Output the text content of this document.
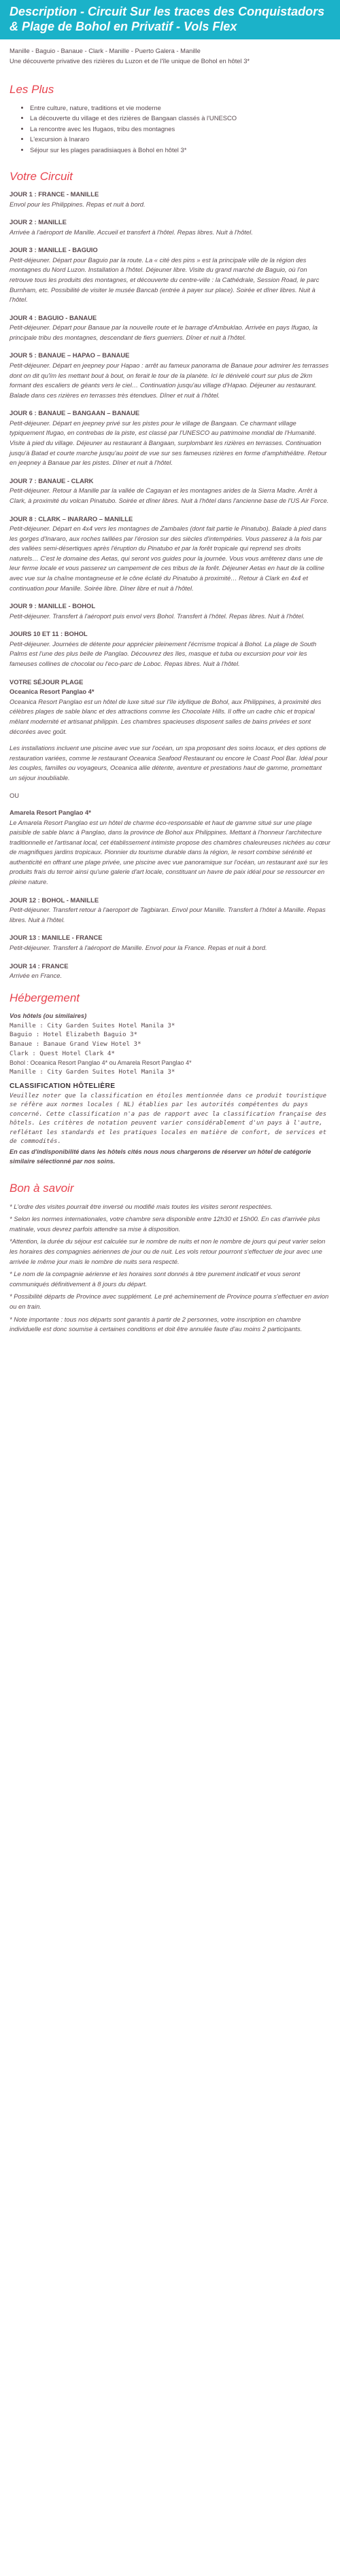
Description - Circuit Sur les traces des Conquistadors & Plage de Bohol en Privatif - Vols Flex

Manille - Baguio - Banaue - Clark - Manille - Puerto Galera - Manille

Une découverte privative des rizières du Luzon et de l'île unique de Bohol en hôtel 3*

Les Plus
• Entre culture, nature, traditions et vie moderne
• La découverte du village et des rizières de Bangaan classés à l'UNESCO
• La rencontre avec les Ifugaos, tribu des montagnes
• L'excursion à Inararo
• Séjour sur les plages paradisiaques à Bohol en hôtel 3*
Votre Circuit
JOUR 1 : FRANCE - MANILLE
Envol pour les Philippines. Repas et nuit à bord.
JOUR 2 : MANILLE
Arrivée à l'aéroport de Manille. Accueil et transfert à l'hôtel. Repas libres. Nuit à l'hôtel.
JOUR 3 : MANILLE - BAGUIO
Petit-déjeuner. Départ pour Baguio par la route. La « cité des pins » est la principale ville de la région des montagnes du Nord Luzon. Installation à l'hôtel. Déjeuner libre. Visite du grand marché de Baguio, où l'on retrouve tous les produits des montagnes, et découverte du centre-ville : la Cathédrale, Session Road, le parc Burnham, etc. Possibilité de visiter le musée Bancab (entrée à payer sur place). Soirée et dîner libres. Nuit à l'hôtel.
JOUR 4 : BAGUIO - BANAUE
Petit-déjeuner. Départ pour Banaue par la nouvelle route et le barrage d'Ambuklao. Arrivée en pays Ifugao, la principale tribu des montagnes, descendant de fiers guerriers. Dîner et nuit à l'hôtel.
JOUR 5 : BANAUE – HAPAO – BANAUE
Petit-déjeuner. Départ en jeepney pour Hapao : arrêt au fameux panorama de Banaue pour admirer les terrasses dont on dit qu'ïm les mettant bout à bout, on ferait le tour de la planète. Ici le dénivelé court sur plus de 2km formant des escaliers de géants vers le ciel… Continuation jusqu'au village d'Hapao. Déjeuner au restaurant. Balade dans ces rizières en terrasses très étendues. Dîner et nuit à l'hôtel.
JOUR 6 : BANAUE – BANGAAN – BANAUE
Petit-déjeuner. Départ en jeepney privé sur les pistes pour le village de Bangaan. Ce charmant village typiquement Ifugao, en contrebas de la piste, est classé par l'UNESCO au patrimoine mondial de l'Humanité. Visite à pied du village. Déjeuner au restaurant à Bangaan, surplombant les rizières en terrasses. Continuation jusqu'à Batad et courte marche jusqu'au point de vue sur ses fameuses rizières en forme d'amphithéâtre. Retour en jeepney à Banaue par les pistes. Dîner et nuit à l'hôtel.
JOUR 7 : BANAUE - CLARK
Petit-déjeuner. Retour à Manille par la vallée de Cagayan et les montagnes arides de la Sierra Madre. Arrêt à Clark, à proximité du volcan Pinatubo. Soirée et dîner libres. Nuit à l'hôtel dans l'ancienne base de l'US Air Force.
JOUR 8 : CLARK – INARARO – MANILLE
Petit-déjeuner. Départ en 4x4 vers les montagnes de Zambales (dont fait partie le Pinatubo). Balade à pied dans les gorges d'Inararo, aux roches taillées par l'érosion sur des siècles d'intempéries. Vous passerez à la fois par des vallées semi-désertiques après l'éruption du Pinatubo et par la forêt tropicale qui reprend ses droits naturels… C'est le domaine des Aetas, qui seront vos guides pour la journée. Vous vous arrêterez dans une de leur ferme locale et vous passerez un campement de ces tribus de la forêt. Déjeuner Aetas en haut de la colline avec vue sur la chaîne montagneuse et le cône éclaté du Pinatubo à proximité… Retour à Clark en 4x4 et continuation pour Manille. Soirée libre. Dîner libre et nuit à l'hôtel.
JOUR 9 : MANILLE - BOHOL
Petit-déjeuner. Transfert à l'aéroport puis envol vers Bohol. Transfert à l'hôtel. Repas libres. Nuit à l'hôtel.
JOURS 10 ET 11 : BOHOL
Petit-déjeuner. Journées de détente pour apprécier pleinement l'écrrisme tropical à Bohol. La plage de South Palms est l'une des plus belle de Panglao. Découvrez des îles, masque et tuba ou excursion pour voir les fameuses collines de chocolat ou l'eco-parc de Loboc. Repas libres. Nuit à l'hôtel.

VOTRE SÉJOUR PLAGE

Oceanica Resort Panglao 4*

Oceanica Resort Panglao est un hôtel de luxe situé sur l'île idyllique de Bohol, aux Philippines, à proximité des célèbres plages de sable blanc et des attractions comme les Chocolate Hills. Il offre un cadre chic et tropical mêlant modernité et artisanat philippin. Les chambres spacieuses disposent salles de bains privées et sont décorées avec goût.

Les installations incluent une piscine avec vue sur l'océan, un spa proposant des soins locaux, et des options de restauration variées, comme le restaurant Oceanica Seafood Restaurant ou encore le Coast Pool Bar. Idéal pour les couples, familles ou voyageurs, Oceanica allie détente, aventure et prestations haut de gamme, promettant un séjour inoubliable.

OU

Amarela Resort Panglao 4*

Le Amarela Resort Panglao est un hôtel de charme éco-responsable et haut de gamme situé sur une plage paisible de sable blanc à Panglao, dans la province de Bohol aux Philippines. Mettant à l'honneur l'architecture traditionnelle et l'artisanat local, cet établissement intimiste propose des chambres chaleureuses nichées au cœur de magnifiques jardins tropicaux. Pionnier du tourisme durable dans la région, le resort combine sérénité et authenticité en offrant une plage privée, une piscine avec vue panoramique sur l'océan, un restaurant axé sur les produits frais du terroir ainsi qu'une galerie d'art locale, constituant un havre de paix idéal pour se ressourcer en pleine nature.

JOUR 12 : BOHOL - MANILLE
Petit-déjeuner. Transfert retour à l'aeroport de Tagbiaran. Envol pour Manille. Transfert à l'hôtel à Manille. Repas libres. Nuit à l'hôtel.
JOUR 13 : MANILLE - FRANCE
Petit-déjeuner. Transfert à l'aéroport de Manille. Envol pour la France. Repas et nuit à bord.
JOUR 14 : FRANCE
Arrivée en France.
Hébergement
Vos hôtels (ou similaires)
Manille : City Garden Suites Hotel Manila 3*
Baguio : Hotel Elizabeth Baguio 3*
Banaue : Banaue Grand View Hotel 3*
Clark : Quest Hotel Clark 4*
Bohol : Oceanica Resort Panglao 4* ou Amarela Resort Panglao 4*
Manille : City Garden Suites Hotel Manila 3*
CLASSIFICATION HÔTELIÈRE
Veuillez noter que la classification en étoiles mentionnée dans ce produit touristique se réfère aux normes locales ( NL) établies par les autorités compétentes du pays concerné. Cette classification n'a pas de rapport avec la classification française des hôtels. Les critères de notation peuvent varier considérablement d'un pays à l'autre, reflétant les standards et les pratiques locales en matière de confort, de services et de commodités.
En cas d'indisponibilité dans les hôtels cités nous nous chargerons de réserver un hôtel de catégorie similaire sélectionné par nos soins.
Bon à savoir

* L'ordre des visites pourrait être inversé ou modifié mais toutes les visites seront respectées.

* Selon les normes internationales, votre chambre sera disponible entre 12h30 et 15h00. En cas d'arrivée plus matinale, vous devrez parfois attendre sa mise à disposition.

*Attention, la durée du séjour est calculée sur le nombre de nuits et non le nombre de jours qui peut varier selon les horaires des compagnies aériennes de jour ou de nuit. Les vols retour pourront s'effectuer de jour avec une arrivée le même jour mais le nombre de nuits sera respecté.

* Le nom de la compagnie aérienne et les horaires sont donnés à titre purement indicatif et vous seront communiqués définitivement à 8 jours du départ.

* Possibilité départs de Province avec supplément. Le pré acheminement de Province pourra s'effectuer en avion ou en train.

* Note importante : tous nos départs sont garantis à partir de 2 personnes, votre inscription en chambre individuelle est donc soumise à certaines conditions et doit être annulée faute d'au moins 2 participants.
